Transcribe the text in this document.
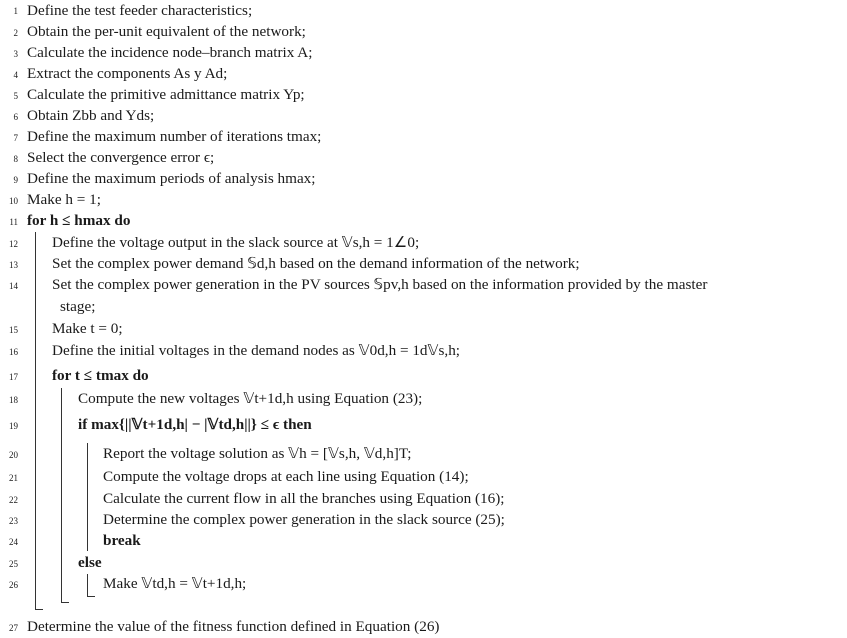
1
2
3
4
5
6
7
8
9
10
11
12
13
14
15
16
17
18
19
20
21
22
23
24
25
26
27
Define the test feeder characteristics;
Obtain the per-unit equivalent of the network;
Calculate the incidence node–branch matrix A;
Extract the components As y Ad;
Calculate the primitive admittance matrix Yp;
Obtain Zbb and Yds;
Define the maximum number of iterations tmax;
Select the convergence error ϵ;
Define the maximum periods of analysis hmax;
Make h = 1;
for h ≤ hmax do
Define the voltage output in the slack source at 𝕍s,h = 1∠0;
Set the complex power demand 𝕊d,h based on the demand information of the network;
Set the complex power generation in the PV sources 𝕊pv,h based on the information provided by the master
stage;
Make t = 0;
Define the initial voltages in the demand nodes as 𝕍0d,h = 1d𝕍s,h;
for t ≤ tmax do
Compute the new voltages 𝕍t+1d,h using Equation (23);
if max{||𝕍t+1d,h| − |𝕍td,h||} ≤ ϵ then
Report the voltage solution as 𝕍h = [𝕍s,h, 𝕍d,h]T;
Compute the voltage drops at each line using Equation (14);
Calculate the current flow in all the branches using Equation (16);
Determine the complex power generation in the slack source (25);
break
else
Make 𝕍td,h = 𝕍t+1d,h;
Determine the value of the fitness function defined in Equation (26)
